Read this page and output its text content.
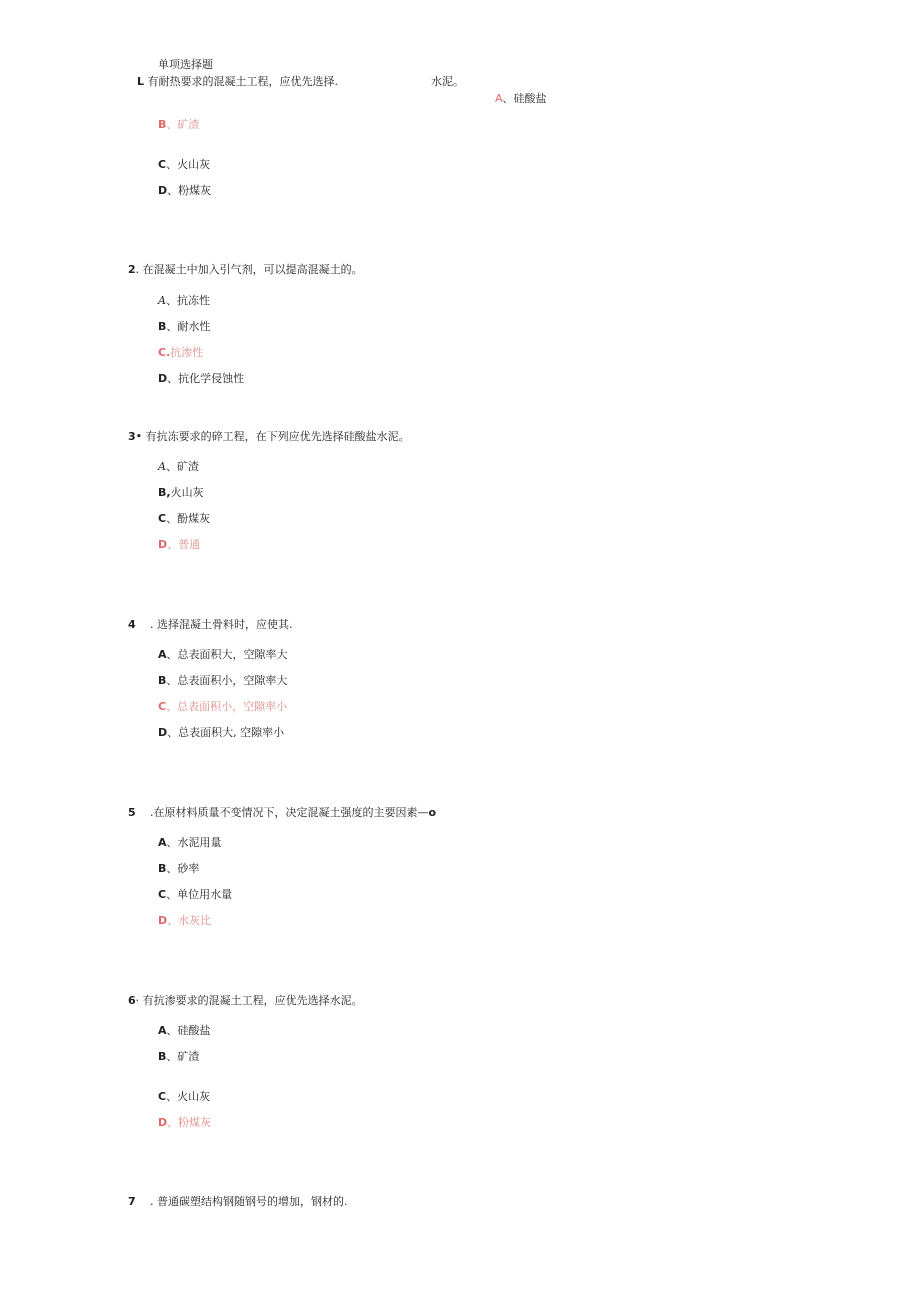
单项选择题
L 有耐热要求的混凝土工程，应优先选择.	水泥。
A、硅酸盐
B、矿渣
C、火山灰
D、粉煤灰
2. 在混凝土中加入引气剂，可以提高混凝土的。
A、抗冻性
B、耐水性
C.抗渗性
D、抗化学侵蚀性
3• 有抗冻要求的碎工程，在下列应优先选择硅酸盐水泥。
A、矿渣
B,火山灰
C、酚煤灰
D、普通
4 . 选择混凝土骨料时，应使其.
A、总表面积大，空隙率大
B、总表面积小，空隙率大
C、总表面积小，空隙率小
D、总表面积大, 空隙率小
5 .在原材料质量不变情况下，决定混凝土强度的主要因素—o
A、水泥用量
B、砂率
C、单位用水量
D、水灰比
6· 有抗渗要求的混凝土工程，应优先选择水泥。
A、硅酸盐
B、矿渣
C、火山灰
D、粉煤灰
7 . 普通碳塑结构钢随钢号的增加，钢材的.
